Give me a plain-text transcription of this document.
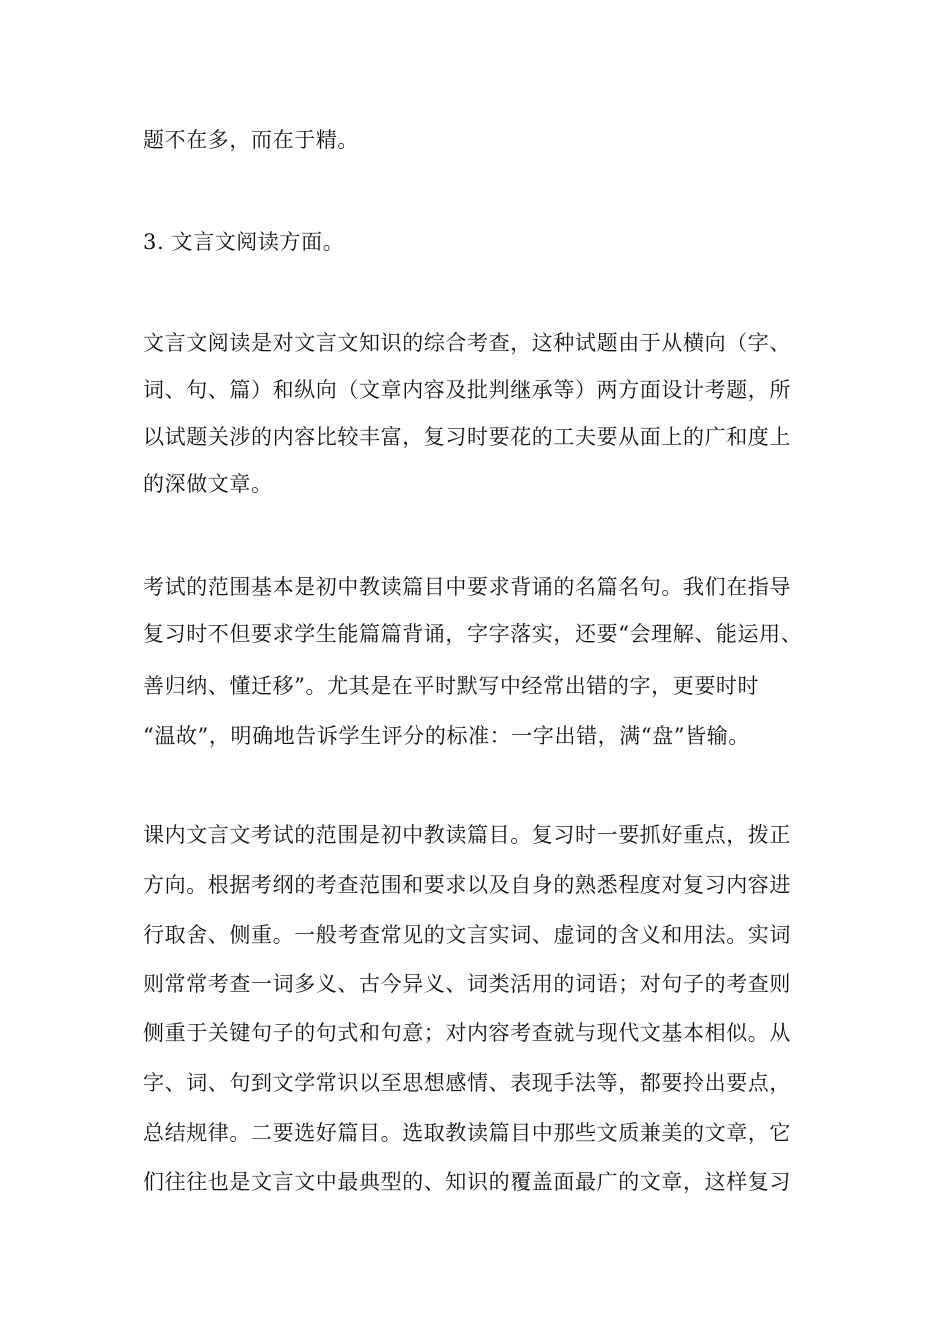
题不在多，而在于精。
3. 文言文阅读方面。
文言文阅读是对文言文知识的综合考查，这种试题由于从横向（字、
词、句、篇）和纵向（文章内容及批判继承等）两方面设计考题，所
以试题关涉的内容比较丰富，复习时要花的工夫要从面上的广和度上
的深做文章。
考试的范围基本是初中教读篇目中要求背诵的名篇名句。我们在指导
复习时不但要求学生能篇篇背诵，字字落实，还要“会理解、能运用、
善归纳、懂迁移”。尤其是在平时默写中经常出错的字，更要时时
“温故”，明确地告诉学生评分的标准：一字出错，满“盘”皆输。
课内文言文考试的范围是初中教读篇目。复习时一要抓好重点，拨正
方向。根据考纲的考查范围和要求以及自身的熟悉程度对复习内容进
行取舍、侧重。一般考查常见的文言实词、虚词的含义和用法。实词
则常常考查一词多义、古今异义、词类活用的词语；对句子的考查则
侧重于关键句子的句式和句意；对内容考查就与现代文基本相似。从
字、词、句到文学常识以至思想感情、表现手法等，都要拎出要点，
总结规律。二要选好篇目。选取教读篇目中那些文质兼美的文章，它
们往往也是文言文中最典型的、知识的覆盖面最广的文章，这样复习
